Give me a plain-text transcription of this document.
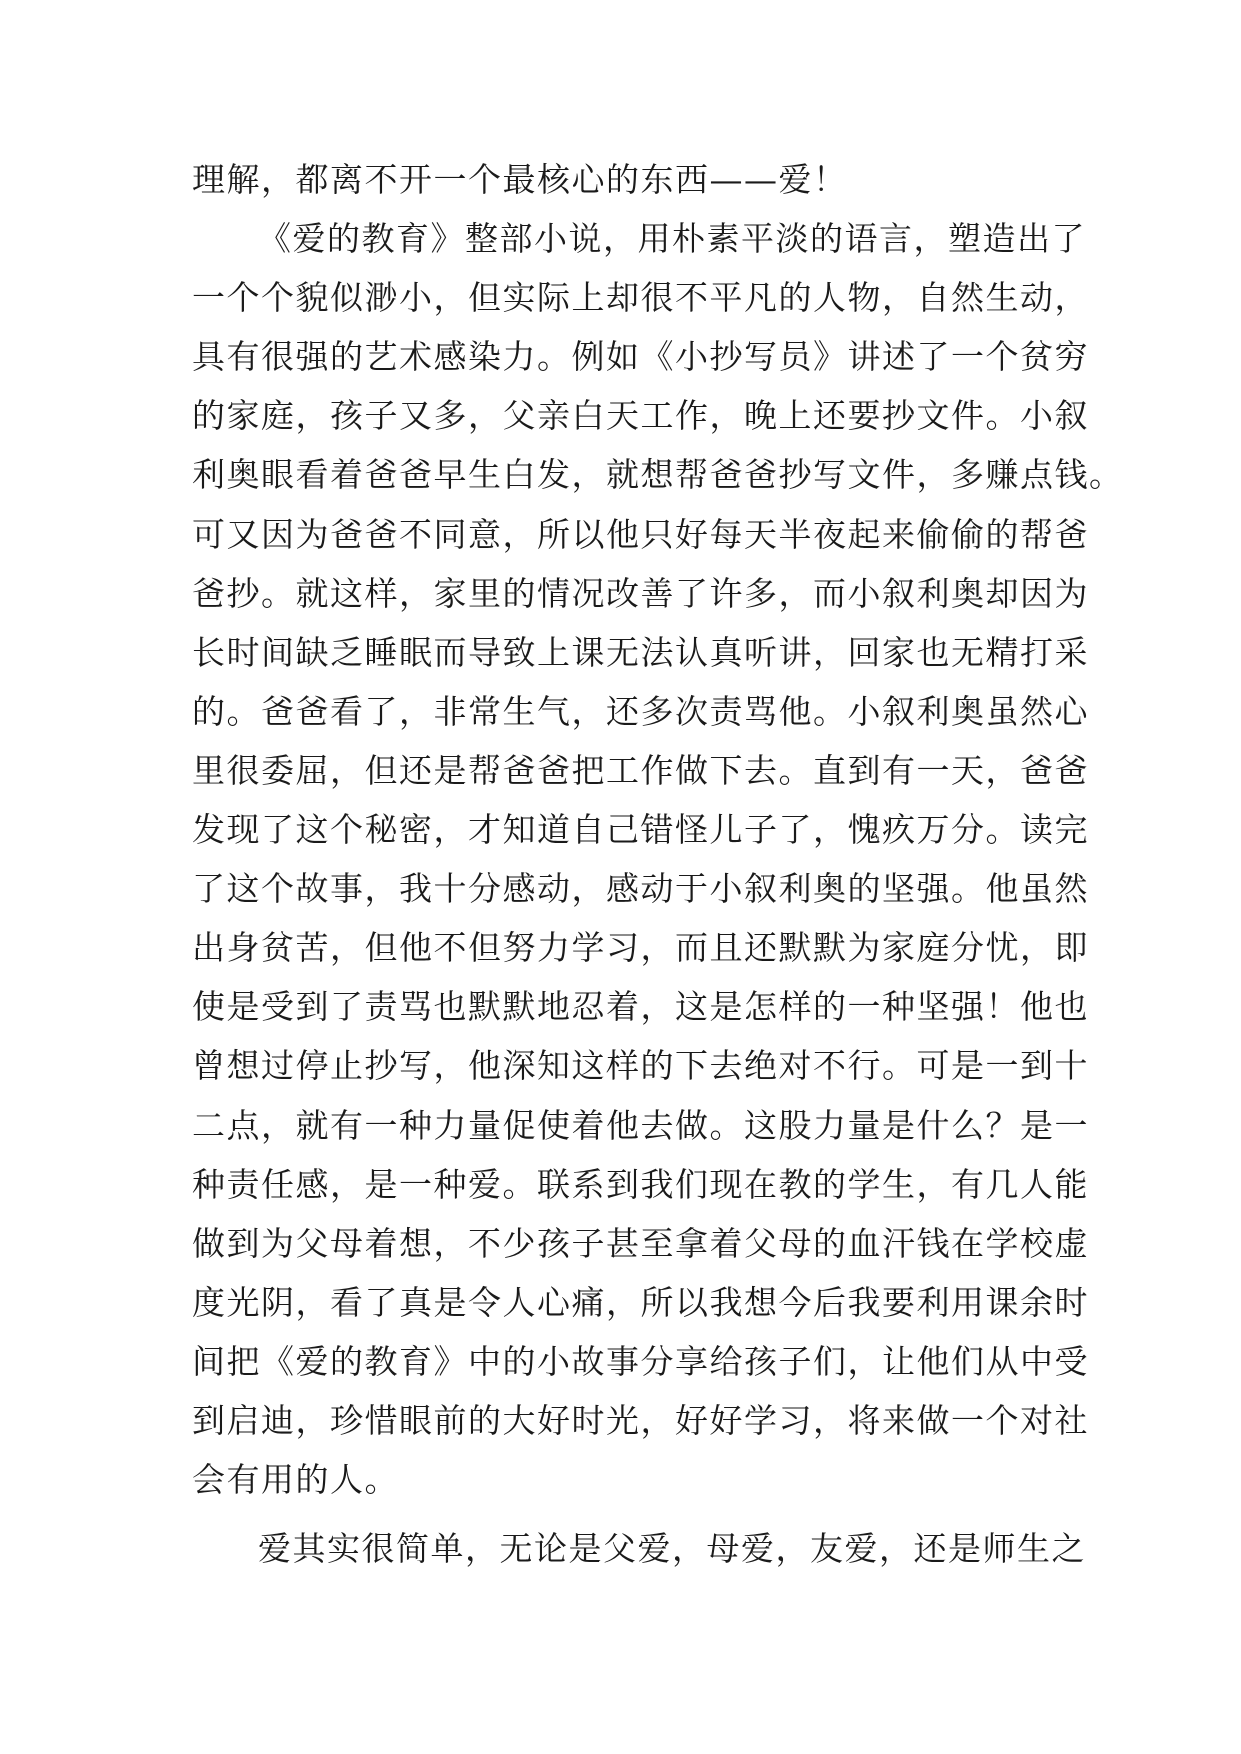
理解，都离不开一个最核心的东西——爱！
《爱的教育》整部小说，用朴素平淡的语言，塑造出了
一个个貌似渺小，但实际上却很不平凡的人物，自然生动，
具有很强的艺术感染力。例如《小抄写员》讲述了一个贫穷
的家庭，孩子又多，父亲白天工作，晚上还要抄文件。小叙
利奥眼看着爸爸早生白发，就想帮爸爸抄写文件，多赚点钱。
可又因为爸爸不同意，所以他只好每天半夜起来偷偷的帮爸
爸抄。就这样，家里的情况改善了许多，而小叙利奥却因为
长时间缺乏睡眠而导致上课无法认真听讲，回家也无精打采
的。爸爸看了，非常生气，还多次责骂他。小叙利奥虽然心
里很委屈，但还是帮爸爸把工作做下去。直到有一天，爸爸
发现了这个秘密，才知道自己错怪儿子了，愧疚万分。读完
了这个故事，我十分感动，感动于小叙利奥的坚强。他虽然
出身贫苦，但他不但努力学习，而且还默默为家庭分忧，即
使是受到了责骂也默默地忍着，这是怎样的一种坚强！他也
曾想过停止抄写，他深知这样的下去绝对不行。可是一到十
二点，就有一种力量促使着他去做。这股力量是什么？是一
种责任感，是一种爱。联系到我们现在教的学生，有几人能
做到为父母着想，不少孩子甚至拿着父母的血汗钱在学校虚
度光阴，看了真是令人心痛，所以我想今后我要利用课余时
间把《爱的教育》中的小故事分享给孩子们，让他们从中受
到启迪，珍惜眼前的大好时光，好好学习，将来做一个对社
会有用的人。
爱其实很简单，无论是父爱，母爱，友爱，还是师生之
